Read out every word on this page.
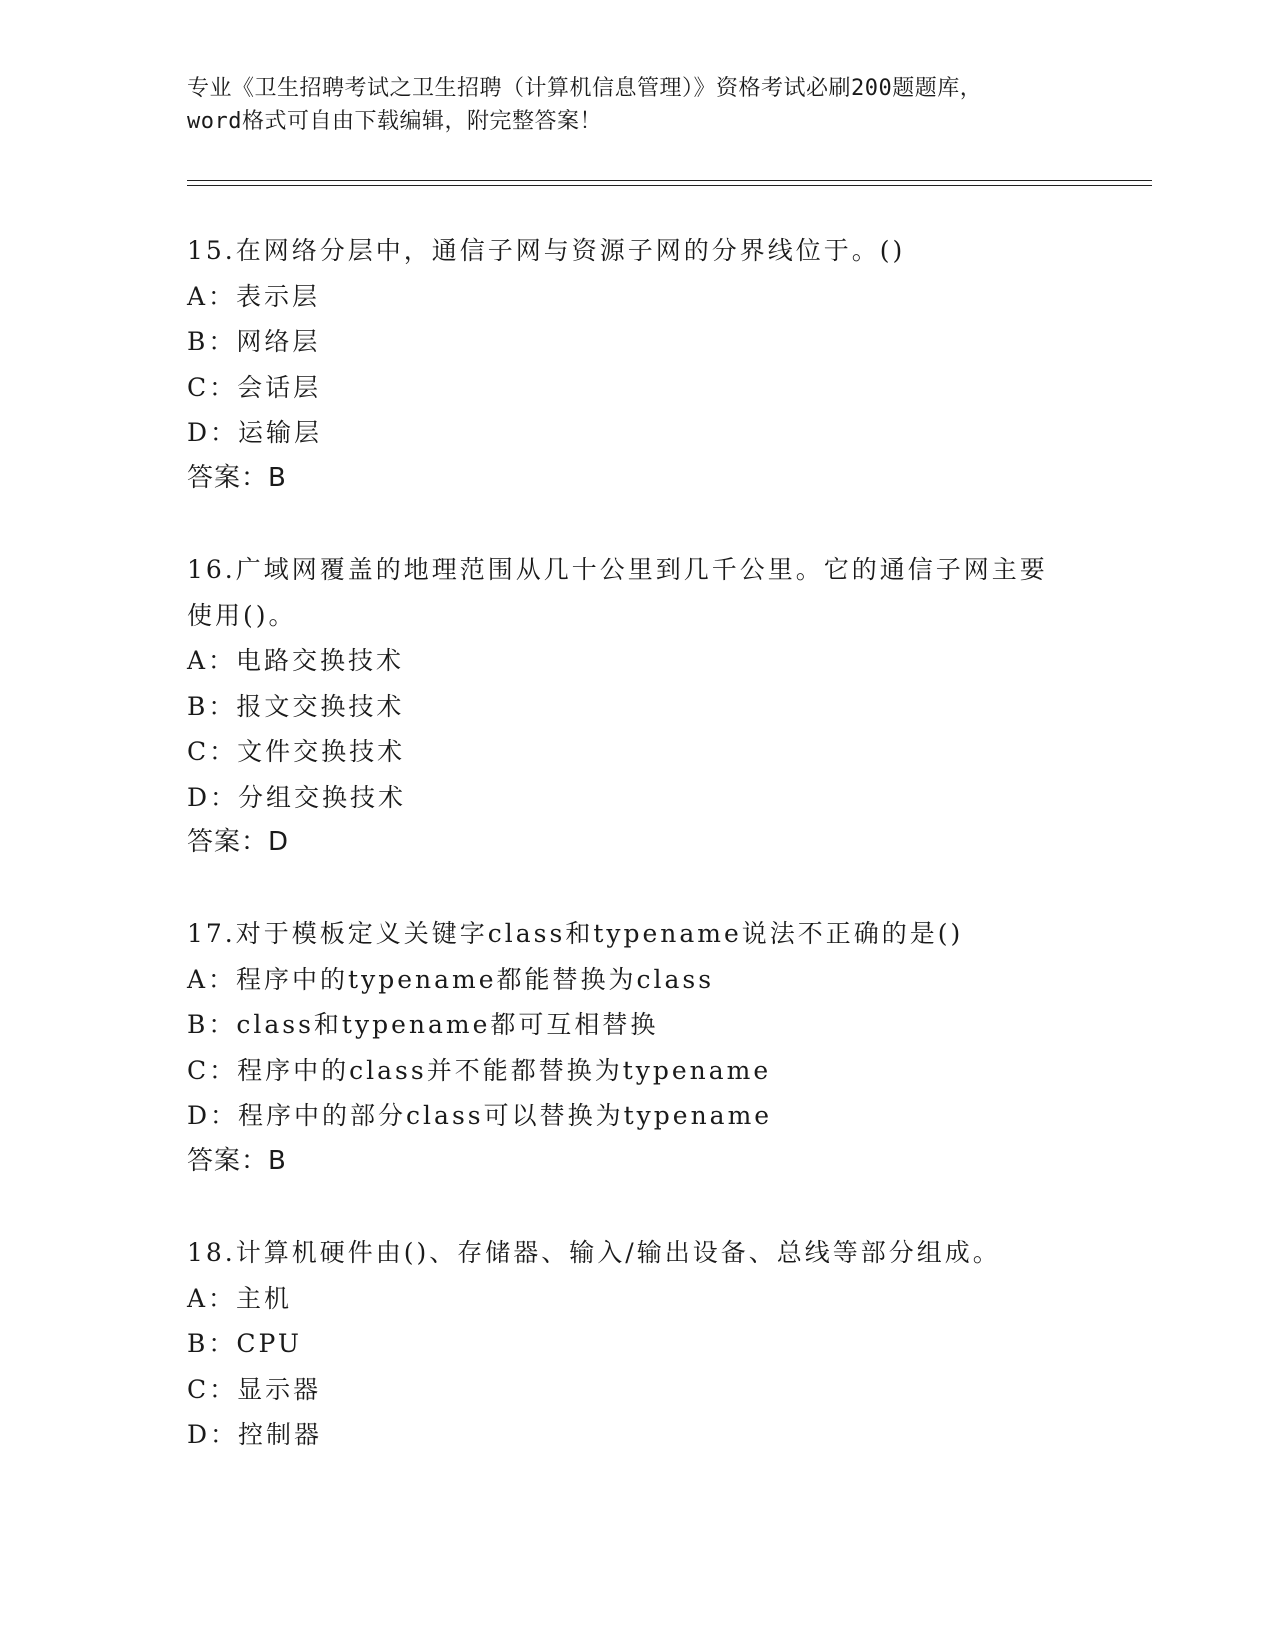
专业《卫生招聘考试之卫生招聘（计算机信息管理）》资格考试必刷200题题库，
word格式可自由下载编辑，附完整答案！
15.在网络分层中，通信子网与资源子网的分界线位于。()
A：表示层
B：网络层
C：会话层
D：运输层
答案：B
16.广域网覆盖的地理范围从几十公里到几千公里。它的通信子网主要
使用()。
A：电路交换技术
B：报文交换技术
C：文件交换技术
D：分组交换技术
答案：D
17.对于模板定义关键字class和typename说法不正确的是()
A：程序中的typename都能替换为class
B：class和typename都可互相替换
C：程序中的class并不能都替换为typename
D：程序中的部分class可以替换为typename
答案：B
18.计算机硬件由()、存储器、输入/输出设备、总线等部分组成。
A：主机
B：CPU
C：显示器
D：控制器
